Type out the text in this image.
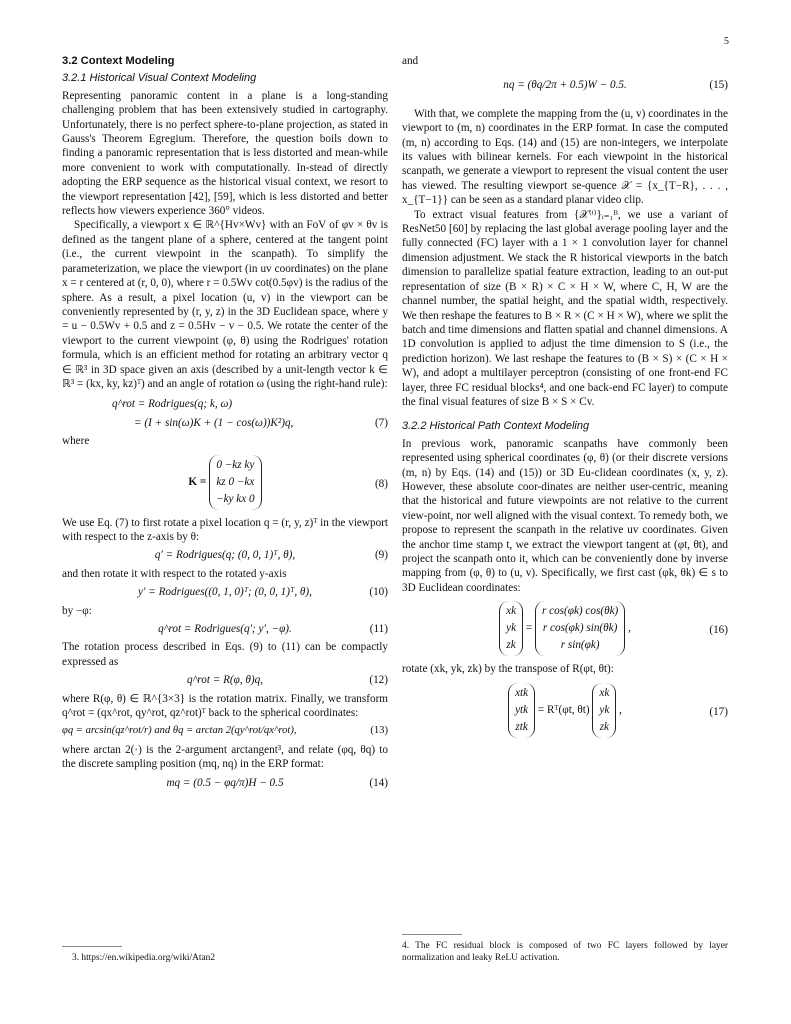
5
3.2 Context Modeling
3.2.1 Historical Visual Context Modeling

Representing panoramic content in a plane is a long-standing challenging problem that has been extensively studied in cartography. Unfortunately, there is no perfect sphere-to-plane projection, as stated in Gauss's Theorem Egregium. Therefore, the question boils down to finding a panoramic representation that is less distorted and mean-while more convenient to work with computationally. In-stead of directly adopting the ERP sequence as the historical visual context, we resort to the viewport representation [42], [59], which is less distorted and better reflects how viewers experience 360° videos.

Specifically, a viewport x ∈ ℝ^{Hv×Wv} with an FoV of φv × θv is defined as the tangent plane of a sphere, centered at the tangent point (i.e., the current viewpoint in the scanpath). To simplify the parameterization, we place the viewport (in uv coordinates) on the plane x = r centered at (r, 0, 0), where r = 0.5Wv cot(0.5φv) is the radius of the sphere. As a result, a pixel location (u, v) in the viewport can be conveniently represented by (r, y, z) in the 3D Euclidean space, where y = u − 0.5Wv + 0.5 and z = 0.5Hv − v − 0.5. We rotate the center of the viewport to the current viewpoint (φ, θ) using the Rodrigues' rotation formula, which is an efficient method for rotating an arbitrary vector q ∈ ℝ³ in 3D space given an axis (described by a unit-length vector k ∈ ℝ³ = (kx, ky, kz)ᵀ) and an angle of rotation ω (using the right-hand rule):

q^rot = Rodrigues(q; k, ω)
= (I + sin(ω)K + (1 − cos(ω))K²)q,	(7)

where

K =
0 −kz ky
kz 0 −kx
−ky kx 0
(8)

We use Eq. (7) to first rotate a pixel location q = (r, y, z)ᵀ in the viewport with respect to the z-axis by θ:

q′ = Rodrigues(q; (0, 0, 1)ᵀ, θ),	(9)

and then rotate it with respect to the rotated y-axis

y′ = Rodrigues((0, 1, 0)ᵀ; (0, 0, 1)ᵀ, θ),	(10)

by −φ:

q^rot = Rodrigues(q′; y′, −φ).	(11)

The rotation process described in Eqs. (9) to (11) can be compactly expressed as

q^rot = R(φ, θ)q,	(12)

where R(φ, θ) ∈ ℝ^{3×3} is the rotation matrix. Finally, we transform q^rot = (qx^rot, qy^rot, qz^rot)ᵀ back to the spherical coordinates:

φq = arcsin(qz^rot/r) and θq = arctan 2(qy^rot/qx^rot),	(13)

where arctan 2(·) is the 2-argument arctangent³, and relate (φq, θq) to the discrete sampling position (mq, nq) in the ERP format:

mq = (0.5 − φq/π)H − 0.5	(14)
3. https://en.wikipedia.org/wiki/Atan2

and

nq = (θq/2π + 0.5)W − 0.5.	(15)

With that, we complete the mapping from the (u, v) coordinates in the viewport to (m, n) coordinates in the ERP format. In case the computed (m, n) according to Eqs. (14) and (15) are non-integers, we interpolate its values with bilinear kernels. For each viewpoint in the historical scanpath, we generate a viewport to represent the visual content the user has viewed. The resulting viewport se-quence 𝒳 = {x_{T−R}, . . . , x_{T−1}} can be seen as a standard planar video clip.

To extract visual features from {𝒳⁽ⁱ⁾}ᵢ₌₁ᴮ, we use a variant of ResNet50 [60] by replacing the last global average pooling layer and the fully connected (FC) layer with a 1 × 1 convolution layer for channel dimension adjustment. We stack the R historical viewports in the batch dimension to parallelize spatial feature extraction, leading to an out-put representation of size (B × R) × C × H × W, where C, H, W are the channel number, the spatial height, and the spatial width, respectively. We then reshape the features to B × R × (C × H × W), where we split the batch and time dimensions and flatten spatial and channel dimensions. A 1D convolution is applied to adjust the time dimension to S (i.e., the prediction horizon). We last reshape the features to (B × S) × (C × H × W), and adopt a multilayer perceptron (consisting of one front-end FC layer, three FC residual blocks⁴, and one back-end FC layer) to compute the final visual features of size B × S × Cv.

3.2.2 Historical Path Context Modeling

In previous work, panoramic scanpaths have commonly been represented using spherical coordinates (φ, θ) (or their discrete versions (m, n) by Eqs. (14) and (15)) or 3D Eu-clidean coordinates (x, y, z). However, these absolute coor-dinates are neither user-centric, meaning that the historical and future viewpoints are not relative to the current view-point, nor well aligned with the visual context. To remedy both, we propose to represent the scanpath in the relative uv coordinates. Given the anchor time stamp t, we extract the viewport tangent at (φt, θt), and project the scanpath onto it, which can be conveniently done by inverse mapping from (φ, θ) to (u, v). Specifically, we first cast (φk, θk) ∈ s to 3D Euclidean coordinates:

xk
yk
zk
=
r cos(φk) cos(θk)
r cos(φk) sin(θk)
r sin(φk)
,	(16)

rotate (xk, yk, zk) by the transpose of R(φt, θt):

xtk
ytk
ztk
= Rᵀ(φt, θt)
xk
yk
zk
,	(17)
4. The FC residual block is composed of two FC layers followed by layer normalization and leaky ReLU activation.
